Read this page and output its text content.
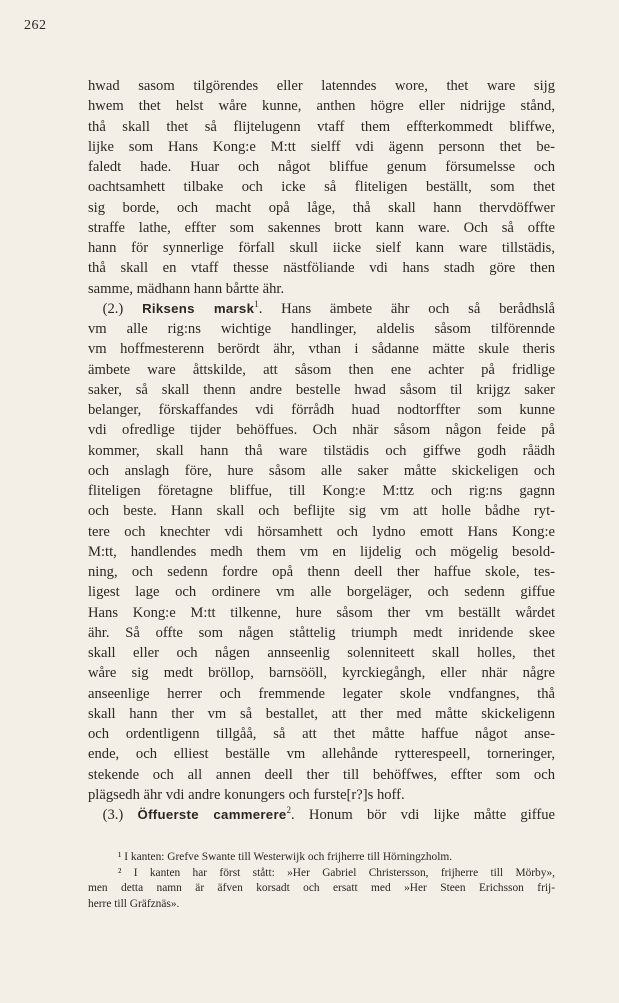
262
hwad sasom tilgörendes eller latenndes wore, thet ware sijg
hwem thet helst wåre kunne, anthen högre eller nidrijge stånd,
thå skall thet så flijtelugenn vtaff them effterkommedt bliffwe,
lijke som Hans Kong:e M:tt sielff vdi ägenn personn thet be-
faledt hade. Huar och något bliffue genum försumelsse och
oachtsamhett tilbake och icke så fliteligen beställt, som thet
sig borde, och macht opå låge, thå skall hann thervdöffwer
straffe lathe, effter som sakennes brott kann ware. Och så offte
hann för synnerlige förfall skull iicke sielf kann ware tillstädis,
thå skall en vtaff thesse nästföliande vdi hans stadh göre then
samme, mädhann hann bårtte ähr.
 (2.) Riksens marsk$^1$. Hans ämbete ähr och så berådhslå
vm alle rig:ns wichtige handlinger, aldelis såsom tilförennde
vm hoffmesterenn berördt ähr, vthan i sådanne mätte skule theris
ämbete ware åttskilde, att såsom then ene achter på fridlige
saker, så skall thenn andre bestelle hwad såsom til krijgz saker
belanger, förskaffandes vdi förrådh huad nodtorffter som kunne
vdi ofredlige tijder behöffues. Och nhär såsom någon feide på
kommer, skall hann thå ware tilstädis och giffwe godh råädh
och anslagh före, hure såsom alle saker måtte skickeligen och
fliteligen företagne bliffue, till Kong:e M:ttz och rig:ns gagnn
och beste. Hann skall och beflijte sig vm att holle bådhe ryt-
tere och knechter vdi hörsamhett och lydno emott Hans Kong:e
M:tt, handlendes medh them vm en lijdelig och mögelig besold-
ning, och sedenn fordre opå thenn deell ther haffue skole, tes-
ligest lage och ordinere vm alle borgeläger, och sedenn giffue
Hans Kong:e M:tt tilkenne, hure såsom ther vm beställt wårdet
ähr. Så offte som någen ståttelig triumph medt inridende skee
skall eller och någen annseenlig solenniteett skall holles, thet
wåre sig medt bröllop, barnsööll, kyrckiegångh, eller nhär någre
anseenlige herrer och fremmende legater skole vndfangnes, thå
skall hann ther vm så bestallet, att ther med måtte skickeligenn
och ordentligenn tillgåå, så att thet måtte haffue något anse-
ende, och elliest beställe vm allehånde rytterespeell, torneringer,
stekende och all annen deell ther till behöffwes, effter som och
plägsedh ähr vdi andre konungers och furste[r?]s hoff.
 (3.) Öffuerste cammerere$^2$. Honum bör vdi lijke måtte giffue
¹ I kanten: Grefve Swante till Westerwijk och frijherre till Hörningzholm.
² I kanten har först stått: »Her Gabriel Christersson, frijherre till Mörby»,
men detta namn är äfven korsadt och ersatt med »Her Steen Erichsson frij-
herre till Gräfznäs».
